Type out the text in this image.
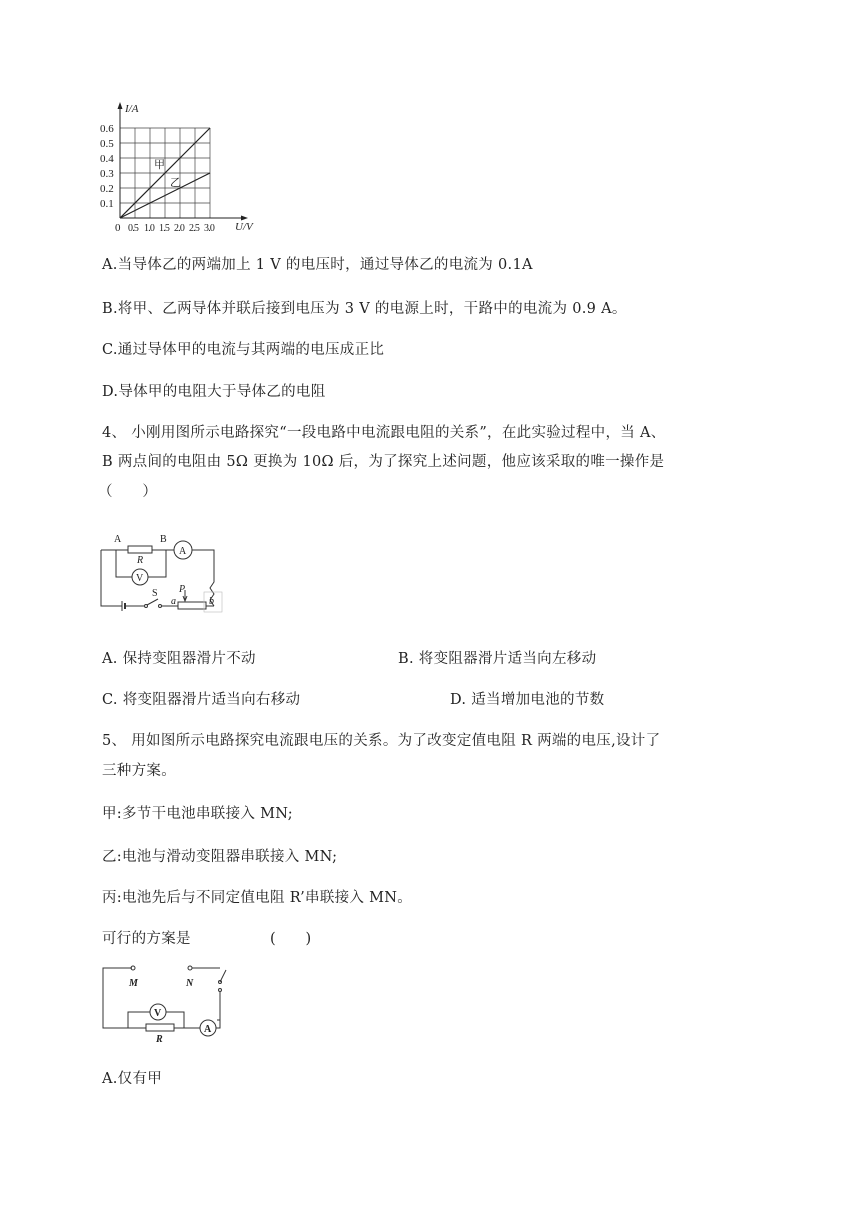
I/A
U/V
0.6
0.5
0.4
0.3
0.2
0.1
0 0.5 1.0 1.5 2.0 2.5 3.0
甲
乙
A.当导体乙的两端加上 1 V 的电压时，通过导体乙的电流为 0.1A
B.将甲、乙两导体并联后接到电压为 3 V 的电源上时，干路中的电流为 0.9 A。
C.通过导体甲的电流与其两端的电压成正比
D.导体甲的电阻大于导体乙的电阻
4、 小刚用图所示电路探究“一段电路中电流跟电阻的关系”，在此实验过程中，当 A、
B 两点间的电阻由 5Ω 更换为 10Ω 后，为了探究上述问题，他应该采取的唯一操作是
（　　）
A	B
R
A
V
S P
a	b
A. 保持变阻器滑片不动	B. 将变阻器滑片适当向左移动
C. 将变阻器滑片适当向右移动	D. 适当增加电池的节数
5、 用如图所示电路探究电流跟电压的关系。为了改变定值电阻 R 两端的电压,设计了
三种方案。
甲:多节干电池串联接入 MN;
乙:电池与滑动变阻器串联接入 MN;
丙:电池先后与不同定值电阻 R’串联接入 MN。
可行的方案是	(　　)
M	N
V
A
R
A.仅有甲
